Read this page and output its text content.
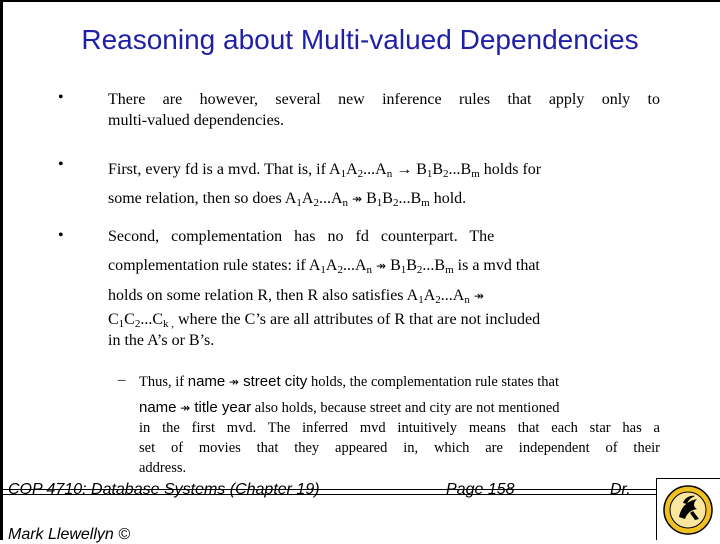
Reasoning about Multi-valued Dependencies
•	There are however, several new inference rules that apply only to
multi-valued dependencies.
•	First, every fd is a mvd. That is, if $A_1A_2...A_n \to B_1B_2...B_m$ holds for
some relation, then so does $A_1A_2...A_n$ ↠ $B_1B_2...B_m$ hold.
•	Second,   complementation   has   no   fd   counterpart.   The
complementation rule states: if $A_1A_2...A_n$ ↠ $B_1B_2...B_m$ is a mvd that
holds on some relation R, then R also satisfies $A_1A_2...A_n$ ↠
$C_1C_2...C_{k ,}$ where the C’s are all attributes of R that are not included
in the A’s or B’s.
– Thus, if name ↠ street city holds, the complementation rule states that
name ↠ title year also holds, because street and city are not mentioned
in the first mvd. The inferred mvd intuitively means that each star has a
set of movies that they appeared in, which are independent of their
address.
COP 4710: Database Systems (Chapter 19)	Page 158	Dr.
Mark Llewellyn ©
